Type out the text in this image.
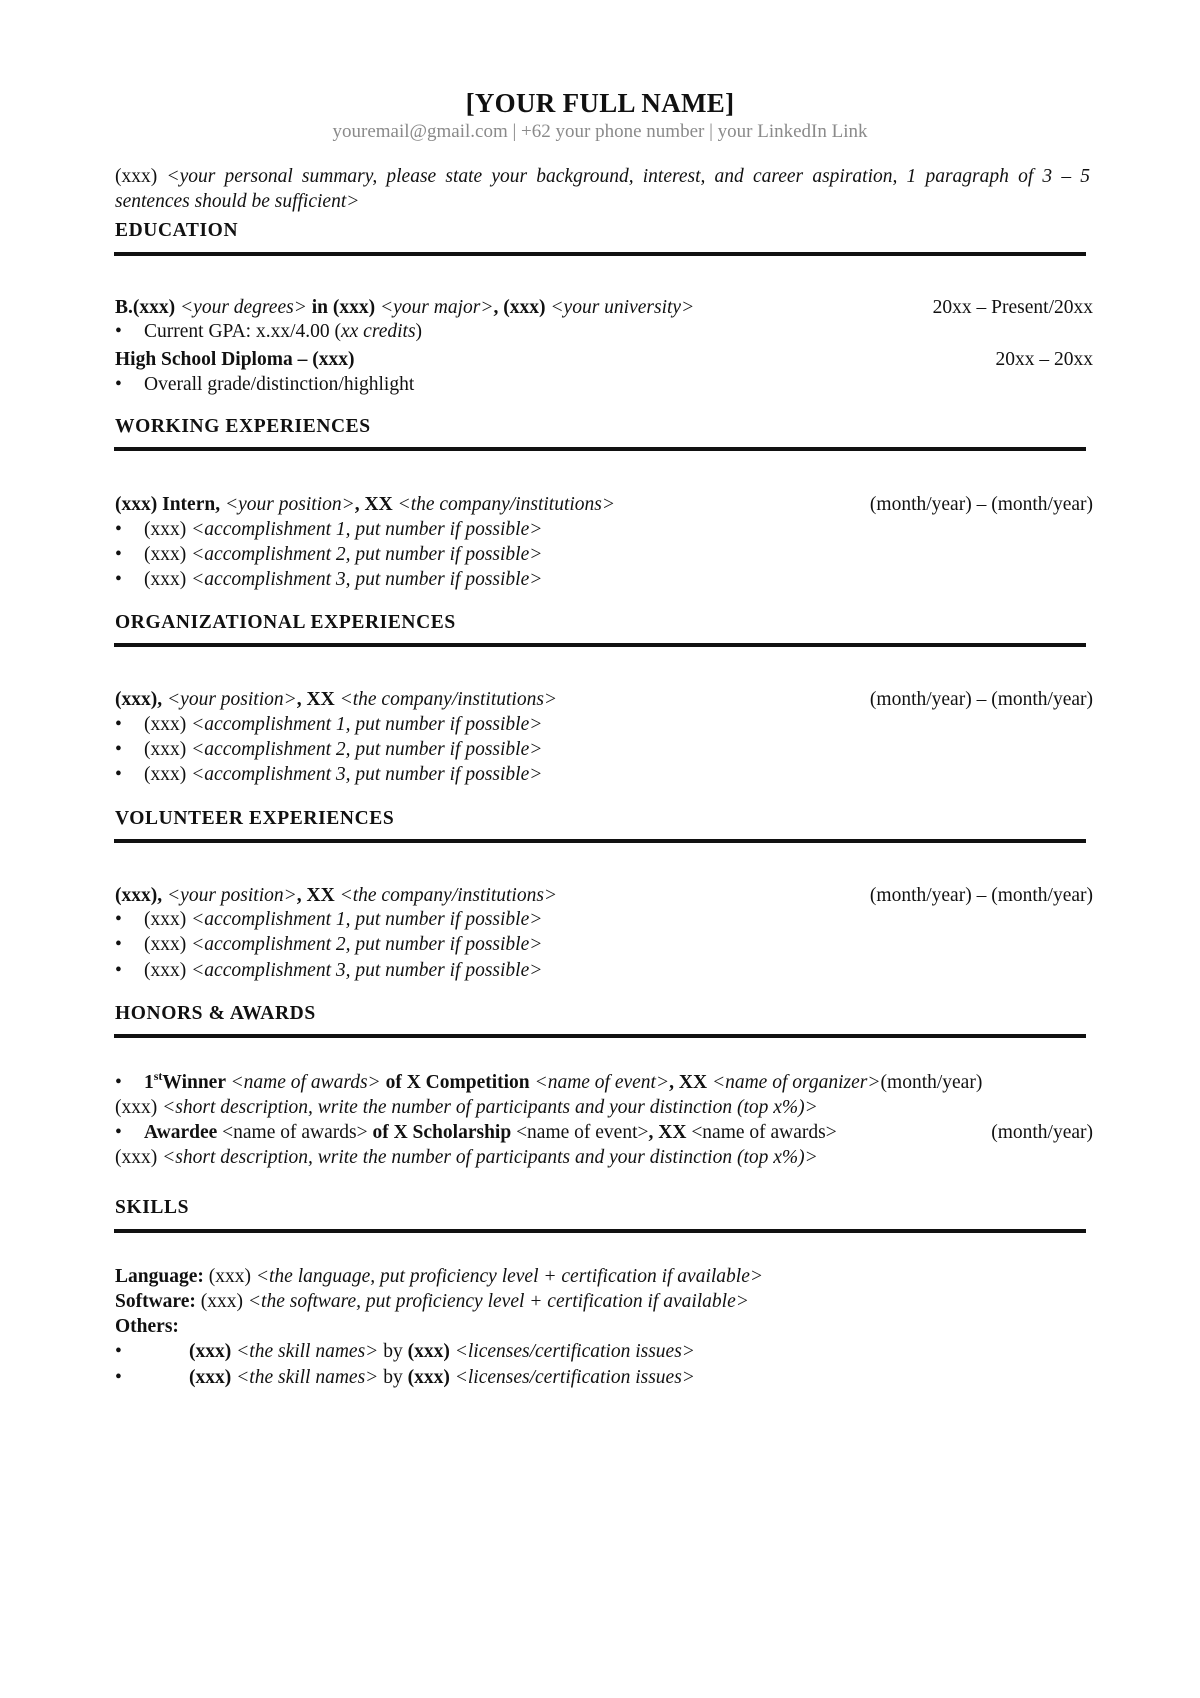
[YOUR FULL NAME]
youremail@gmail.com | +62 your phone number | your LinkedIn Link
(xxx) <your personal summary, please state your background, interest, and career aspiration, 1 paragraph of 3 – 5 sentences should be sufficient>
EDUCATION
B.(xxx) <your degrees> in (xxx) <your major>, (xxx) <your university>	20xx – Present/20xx
• Current GPA: x.xx/4.00 (xx credits)
High School Diploma – (xxx)	20xx – 20xx
• Overall grade/distinction/highlight
WORKING EXPERIENCES
(xxx) Intern, <your position>, XX <the company/institutions>	(month/year) – (month/year)
• (xxx) <accomplishment 1, put number if possible>
• (xxx) <accomplishment 2, put number if possible>
• (xxx) <accomplishment 3, put number if possible>
ORGANIZATIONAL EXPERIENCES
(xxx), <your position>, XX <the company/institutions>	(month/year) – (month/year)
• (xxx) <accomplishment 1, put number if possible>
• (xxx) <accomplishment 2, put number if possible>
• (xxx) <accomplishment 3, put number if possible>
VOLUNTEER EXPERIENCES
(xxx), <your position>, XX <the company/institutions>	(month/year) – (month/year)
• (xxx) <accomplishment 1, put number if possible>
• (xxx) <accomplishment 2, put number if possible>
• (xxx) <accomplishment 3, put number if possible>
HONORS & AWARDS
• 1stWinner <name of awards> of X Competition <name of event>, XX <name of organizer>(month/year)
(xxx) <short description, write the number of participants and your distinction (top x%)>
• Awardee <name of awards> of X Scholarship <name of event>, XX <name of awards>	(month/year)
(xxx) <short description, write the number of participants and your distinction (top x%)>
SKILLS
Language: (xxx) <the language, put proficiency level + certification if available>
Software: (xxx) <the software, put proficiency level + certification if available>
Others:
•	(xxx) <the skill names> by (xxx) <licenses/certification issues>
•	(xxx) <the skill names> by (xxx) <licenses/certification issues>
